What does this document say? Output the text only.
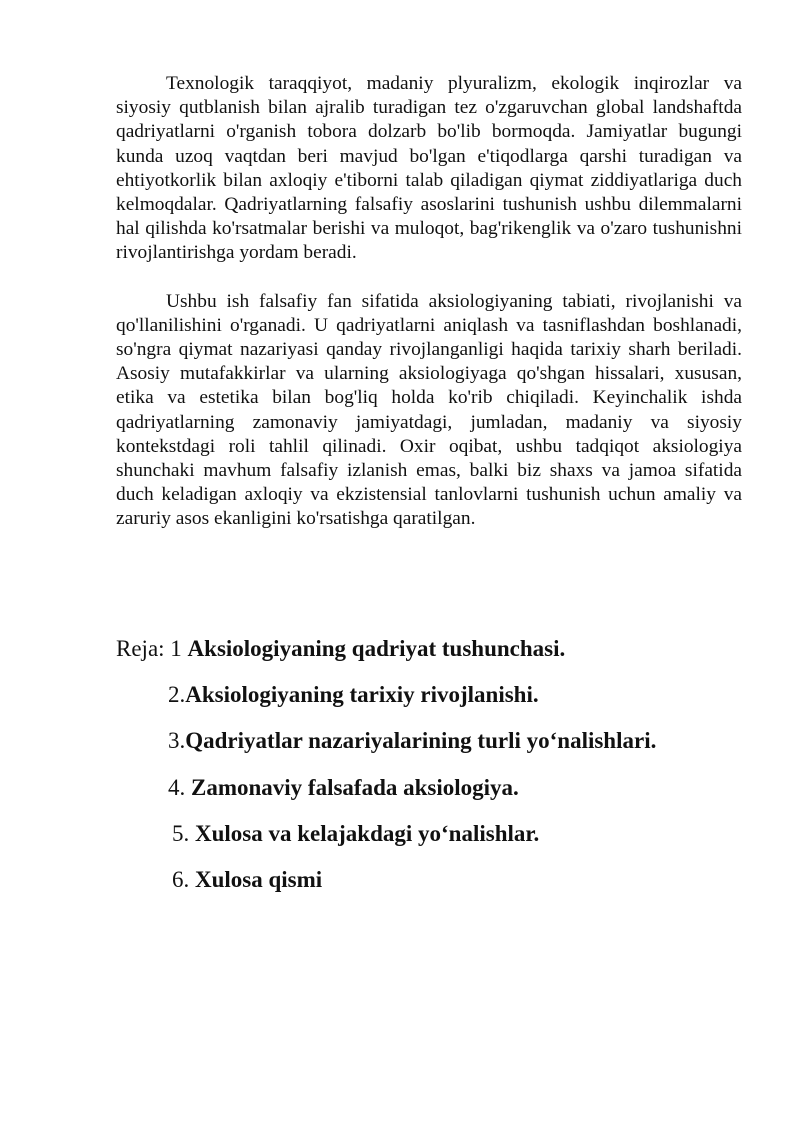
Texnologik taraqqiyot, madaniy plyuralizm, ekologik inqirozlar va siyosiy qutblanish bilan ajralib turadigan tez o'zgaruvchan global landshaftda qadriyatlarni o'rganish tobora dolzarb bo'lib bormoqda. Jamiyatlar bugungi kunda uzoq vaqtdan beri mavjud bo'lgan e'tiqodlarga qarshi turadigan va ehtiyotkorlik bilan axloqiy e'tiborni talab qiladigan qiymat ziddiyatlariga duch kelmoqdalar. Qadriyatlarning falsafiy asoslarini tushunish ushbu dilemmalarni hal qilishda ko'rsatmalar berishi va muloqot, bag'rikenglik va o'zaro tushunishni rivojlantirishga yordam beradi.

Ushbu ish falsafiy fan sifatida aksiologiyaning tabiati, rivojlanishi va qo'llanilishini o'rganadi. U qadriyatlarni aniqlash va tasniflashdan boshlanadi, so'ngra qiymat nazariyasi qanday rivojlanganligi haqida tarixiy sharh beriladi. Asosiy mutafakkirlar va ularning aksiologiyaga qo'shgan hissalari, xususan, etika va estetika bilan bog'liq holda ko'rib chiqiladi. Keyinchalik ishda qadriyatlarning zamonaviy jamiyatdagi, jumladan, madaniy va siyosiy kontekstdagi roli tahlil qilinadi. Oxir oqibat, ushbu tadqiqot aksiologiya shunchaki mavhum falsafiy izlanish emas, balki biz shaxs va jamoa sifatida duch keladigan axloqiy va ekzistensial tanlovlarni tushunish uchun amaliy va zaruriy asos ekanligini ko'rsatishga qaratilgan.

Reja: 1 Aksiologiyaning qadriyat tushunchasi.
2.Aksiologiyaning tarixiy rivojlanishi.
3.Qadriyatlar nazariyalarining turli yo‘nalishlari.
4. Zamonaviy falsafada aksiologiya.
5. Xulosa va kelajakdagi yo‘nalishlar.
6. Xulosa qismi
